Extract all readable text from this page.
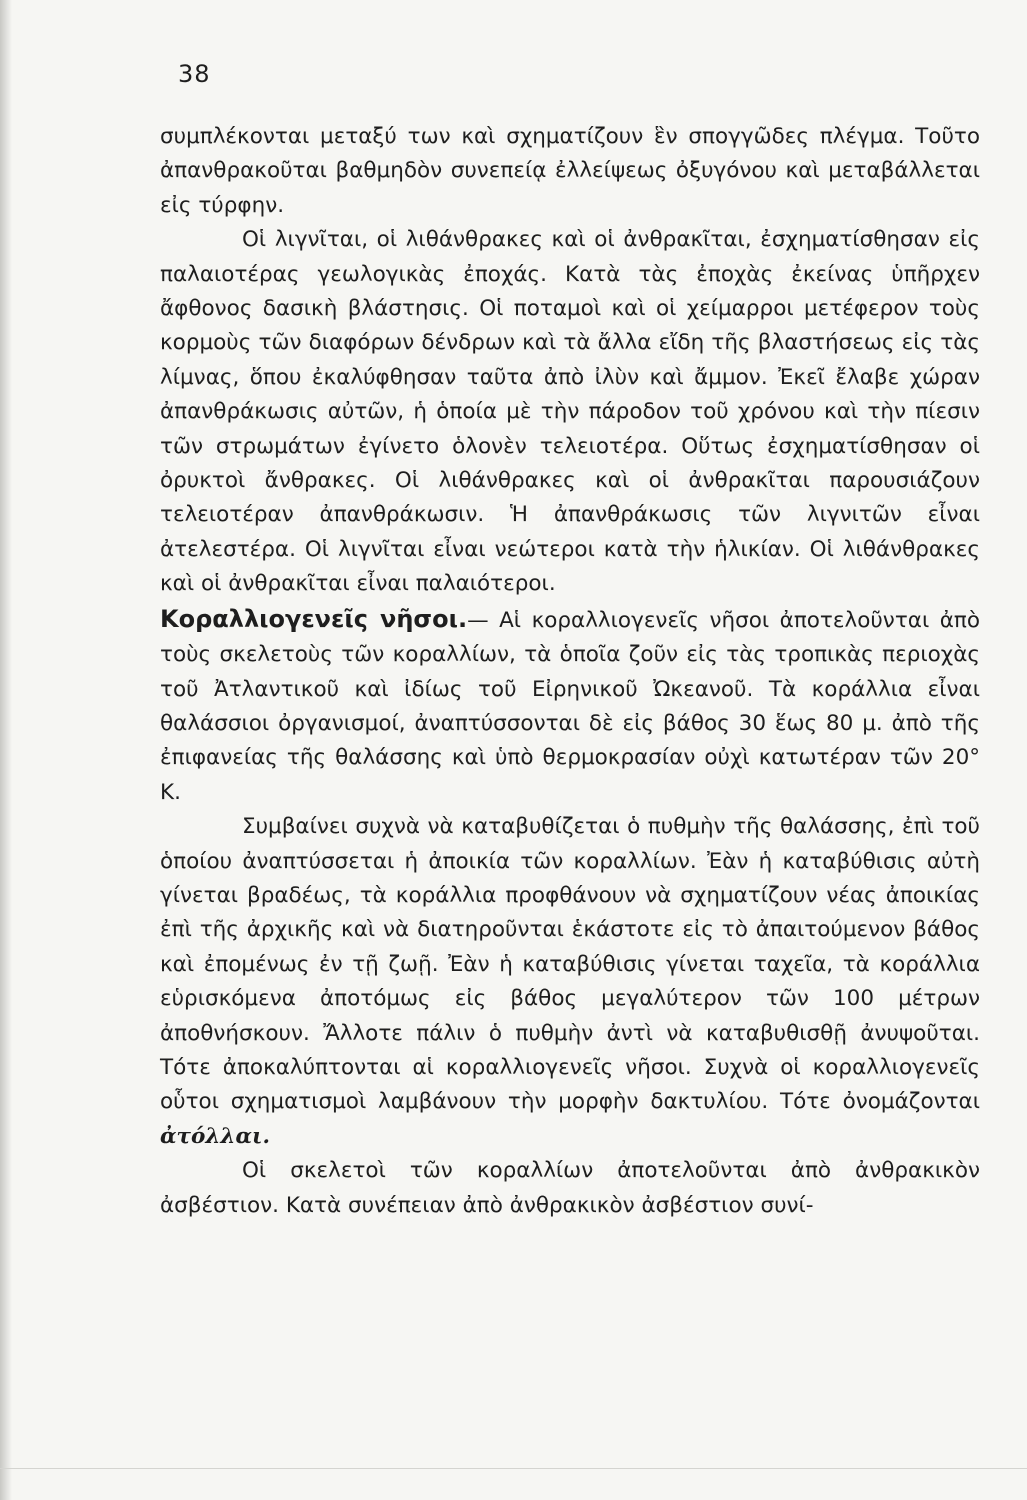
38

συμπλέκονται μεταξύ των καὶ σχηματίζουν ἓν σπογγῶδες πλέγμα. Τοῦτο ἀπανθρακοῦται βαθμηδὸν συνεπείᾳ ἐλλείψεως ὀξυγόνου καὶ μεταβάλλεται εἰς τύρφην.

Οἱ λιγνῖται, οἱ λιθάνθρακες καὶ οἱ ἀνθρακῖται, ἐσχηματίσθησαν εἰς παλαιοτέρας γεωλογικὰς ἐποχάς. Κατὰ τὰς ἐποχὰς ἐκείνας ὑπῆρχεν ἄφθονος δασικὴ βλάστησις. Οἱ ποταμοὶ καὶ οἱ χείμαρροι μετέφερον τοὺς κορμοὺς τῶν διαφόρων δένδρων καὶ τὰ ἄλλα εἴδη τῆς βλαστήσεως εἰς τὰς λίμνας, ὅπου ἐκαλύφθησαν ταῦτα ἀπὸ ἰλὺν καὶ ἄμμον. Ἐκεῖ ἔλαβε χώραν ἀπανθράκωσις αὐτῶν, ἡ ὁποία μὲ τὴν πάροδον τοῦ χρόνου καὶ τὴν πίεσιν τῶν στρωμάτων ἐγίνετο ὁλονὲν τελειοτέρα. Οὕτως ἐσχηματίσθησαν οἱ ὀρυκτοὶ ἄνθρακες. Οἱ λιθάνθρακες καὶ οἱ ἀνθρακῖται παρουσιάζουν τελειοτέραν ἀπανθράκωσιν. Ἡ ἀπανθράκωσις τῶν λιγνιτῶν εἶναι ἀτελεστέρα. Οἱ λιγνῖται εἶναι νεώτεροι κατὰ τὴν ἡλικίαν. Οἱ λιθάνθρακες καὶ οἱ ἀνθρακῖται εἶναι παλαιότεροι.

Κοραλλιογενεῖς νῆσοι.— Αἱ κοραλλιογενεῖς νῆσοι ἀποτελοῦνται ἀπὸ τοὺς σκελετοὺς τῶν κοραλλίων, τὰ ὁποῖα ζοῦν εἰς τὰς τροπικὰς περιοχὰς τοῦ Ἀτλαντικοῦ καὶ ἰδίως τοῦ Εἰρηνικοῦ Ὠκεανοῦ. Τὰ κοράλλια εἶναι θαλάσσιοι ὀργανισμοί, ἀναπτύσσονται δὲ εἰς βάθος 30 ἕως 80 μ. ἀπὸ τῆς ἐπιφανείας τῆς θαλάσσης καὶ ὑπὸ θερμοκρασίαν οὐχὶ κατωτέραν τῶν 20° Κ.

Συμβαίνει συχνὰ νὰ καταβυθίζεται ὁ πυθμὴν τῆς θαλάσσης, ἐπὶ τοῦ ὁποίου ἀναπτύσσεται ἡ ἀποικία τῶν κοραλλίων. Ἐὰν ἡ καταβύθισις αὐτὴ γίνεται βραδέως, τὰ κοράλλια προφθάνουν νὰ σχηματίζουν νέας ἀποικίας ἐπὶ τῆς ἀρχικῆς καὶ νὰ διατηροῦνται ἑκάστοτε εἰς τὸ ἀπαιτούμενον βάθος καὶ ἐπομένως ἐν τῇ ζωῇ. Ἐὰν ἡ καταβύθισις γίνεται ταχεῖα, τὰ κοράλλια εὑρισκόμενα ἀποτόμως εἰς βάθος μεγαλύτερον τῶν 100 μέτρων ἀποθνήσκουν. Ἄλλοτε πάλιν ὁ πυθμὴν ἀντὶ νὰ καταβυθισθῇ ἀνυψοῦται. Τότε ἀποκαλύπτονται αἱ κοραλλιογενεῖς νῆσοι. Συχνὰ οἱ κοραλλιογενεῖς οὗτοι σχηματισμοὶ λαμβάνουν τὴν μορφὴν δακτυλίου. Τότε ὀνομάζονται ἀτόλλαι.

Οἱ σκελετοὶ τῶν κοραλλίων ἀποτελοῦνται ἀπὸ ἀνθρακικὸν ἀσβέστιον. Κατὰ συνέπειαν ἀπὸ ἀνθρακικὸν ἀσβέστιον συνί-
